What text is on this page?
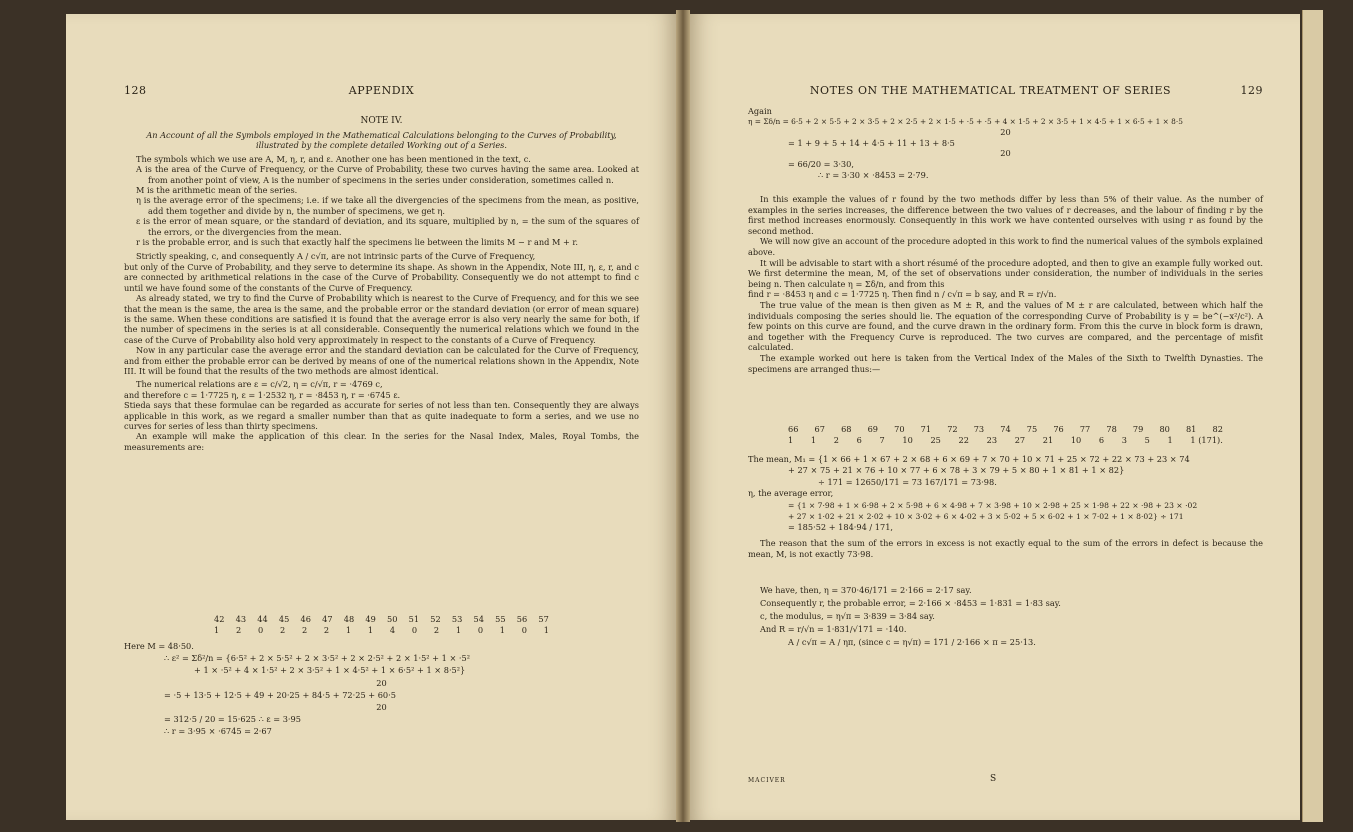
128	APPENDIX

NOTE IV.

An Account of all the Symbols employed in the Mathematical Calculations belonging to the Curves of Probability, illustrated by the complete detailed Working out of a Series.

The symbols which we use are A, M, η, r, and ε. Another one has been mentioned in the text, c.

A is the area of the Curve of Frequency, or the Curve of Probability, these two curves having the same area. Looked at from another point of view, A is the number of specimens in the series under consideration, sometimes called n.

M is the arithmetic mean of the series.

η is the average error of the specimens; i.e. if we take all the divergencies of the specimens from the mean, as positive, add them together and divide by n, the number of specimens, we get η.

ε is the error of mean square, or the standard of deviation, and its square, multiplied by n, = the sum of the squares of the errors, or the divergencies from the mean.

r is the probable error, and is such that exactly half the specimens lie between the limits M − r and M + r.

Strictly speaking, c, and consequently A / c√π, are not intrinsic parts of the Curve of Frequency,

but only of the Curve of Probability, and they serve to determine its shape. As shown in the Appendix, Note III, η, ε, r, and c are connected by arithmetical relations in the case of the Curve of Probability. Consequently we do not attempt to find c until we have found some of the constants of the Curve of Frequency.

As already stated, we try to find the Curve of Probability which is nearest to the Curve of Frequency, and for this we see that the mean is the same, the area is the same, and the probable error or the standard deviation (or error of mean square) is the same. When these conditions are satisfied it is found that the average error is also very nearly the same for both, if the number of specimens in the series is at all considerable. Consequently the numerical relations which we found in the case of the Curve of Probability also hold very approximately in respect to the constants of a Curve of Frequency.

Now in any particular case the average error and the standard deviation can be calculated for the Curve of Frequency, and from either the probable error can be derived by means of one of the numerical relations shown in the Appendix, Note III. It will be found that the results of the two methods are almost identical.

The numerical relations are ε = c/√2, η = c/√π, r = ·4769 c,

and therefore c = 1·7725 η, ε = 1·2532 η, r = ·8453 η, r = ·6745 ε.

Stieda says that these formulae can be regarded as accurate for series of not less than ten. Consequently they are always applicable in this work, as we regard a smaller number than that as quite inadequate to form a series, and we use no curves for series of less than thirty specimens.

An example will make the application of this clear. In the series for the Nasal Index, Males, Royal Tombs, the measurements are:

42 43 44 45 46 47 48 49 50 51 52 53 54 55 56 57
1 2 0 2 2 2 1 1 4 0 2 1 0 1 0 1

Here M = 48·50.

∴ ε² = Σδ²/n = {6·5² + 2 × 5·5² + 2 × 3·5² + 2 × 2·5² + 2 × 1·5² + 1 × ·5²

+ 1 × ·5² + 4 × 1·5² + 2 × 3·5² + 1 × 4·5² + 1 × 6·5² + 1 × 8·5²}

20

= ·5 + 13·5 + 12·5 + 49 + 20·25 + 84·5 + 72·25 + 60·5

20

= 312·5 / 20 = 15·625 ∴ ε = 3·95

∴ r = 3·95 × ·6745 = 2·67

NOTES ON THE MATHEMATICAL TREATMENT OF SERIES	129

Again

η = Σδ/n = 6·5 + 2 × 5·5 + 2 × 3·5 + 2 × 2·5 + 2 × 1·5 + ·5 + ·5 + 4 × 1·5 + 2 × 3·5 + 1 × 4·5 + 1 × 6·5 + 1 × 8·5

20

= 1 + 9 + 5 + 14 + 4·5 + 11 + 13 + 8·5

20

= 66/20 = 3·30,

∴ r = 3·30 × ·8453 = 2·79.

In this example the values of r found by the two methods differ by less than 5% of their value. As the number of examples in the series increases, the difference between the two values of r decreases, and the labour of finding r by the first method increases enormously. Consequently in this work we have contented ourselves with using r as found by the second method.

We will now give an account of the procedure adopted in this work to find the numerical values of the symbols explained above.

It will be advisable to start with a short résumé of the procedure adopted, and then to give an example fully worked out. We first determine the mean, M, of the set of observations under consideration, the number of individuals in the series being n. Then calculate η = Σδ/n, and from this

find r = ·8453 η and c = 1·7725 η. Then find n / c√π = b say, and R = r/√n.

The true value of the mean is then given as M ± R, and the values of M ± r are calculated, between which half the individuals composing the series should lie. The equation of the corresponding Curve of Probability is y = be^(−x²/c²). A few points on this curve are found, and the curve drawn in the ordinary form. From this the curve in block form is drawn, and together with the Frequency Curve is reproduced. The two curves are compared, and the percentage of misfit calculated.

The example worked out here is taken from the Vertical Index of the Males of the Sixth to Twelfth Dynasties. The specimens are arranged thus:—

66 67 68 69 70 71 72 73 74 75 76 77 78 79 80 81 82
1 1 2 6 7 10 25 22 23 27 21 10 6 3 5 1 1 (171).

The mean, M₁ = {1 × 66 + 1 × 67 + 2 × 68 + 6 × 69 + 7 × 70 + 10 × 71 + 25 × 72 + 22 × 73 + 23 × 74

+ 27 × 75 + 21 × 76 + 10 × 77 + 6 × 78 + 3 × 79 + 5 × 80 + 1 × 81 + 1 × 82}

÷ 171 = 12650/171 = 73 167/171 = 73·98.

η, the average error,

= {1 × 7·98 + 1 × 6·98 + 2 × 5·98 + 6 × 4·98 + 7 × 3·98 + 10 × 2·98 + 25 × 1·98 + 22 × ·98 + 23 × ·02

+ 27 × 1·02 + 21 × 2·02 + 10 × 3·02 + 6 × 4·02 + 3 × 5·02 + 5 × 6·02 + 1 × 7·02 + 1 × 8·02} ÷ 171

= 185·52 + 184·94 / 171,

The reason that the sum of the errors in excess is not exactly equal to the sum of the errors in defect is because the mean, M, is not exactly 73·98.

We have, then, η = 370·46/171 = 2·166 = 2·17 say.

Consequently r, the probable error, = 2·166 × ·8453 = 1·831 = 1·83 say.

c, the modulus, = η√π = 3·839 = 3·84 say.

And R = r/√n = 1·831/√171 = ·140.

A / c√π = A / ηπ, (since c = η√π) = 171 / 2·166 × π = 25·13.

MACIVER	S
